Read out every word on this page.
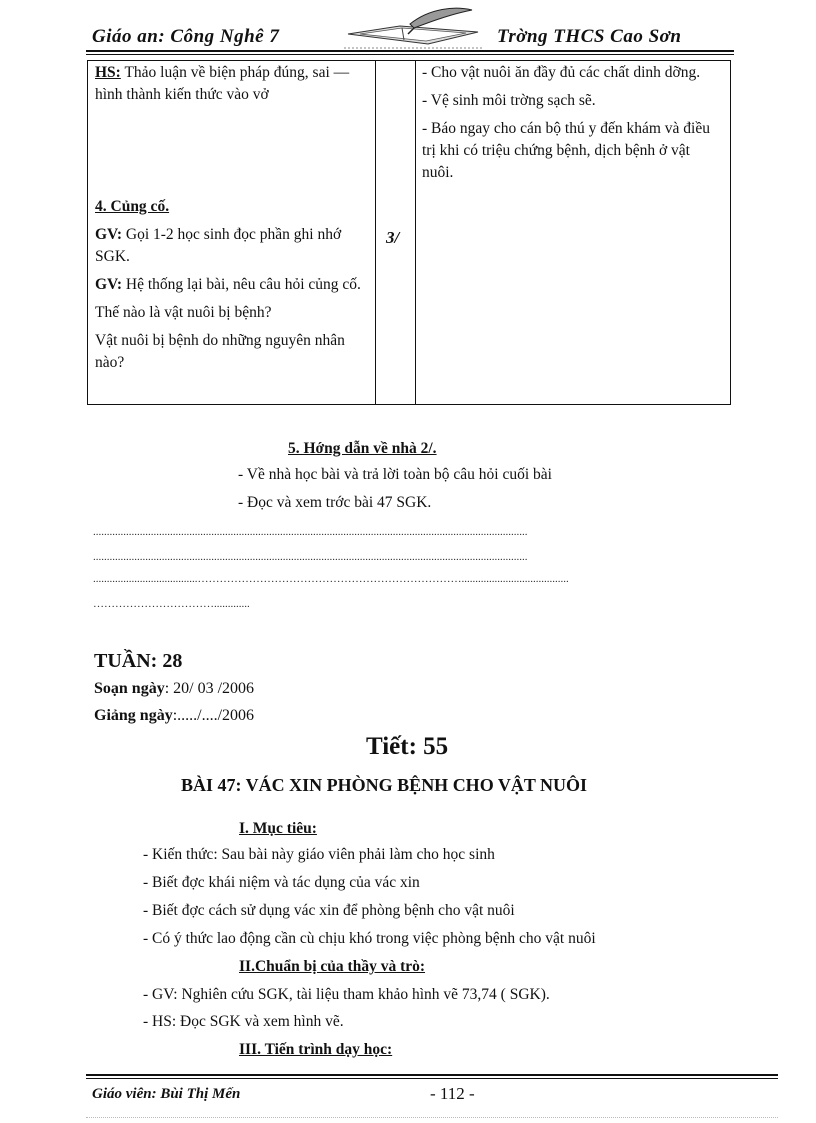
Giáo an: Công Nghê 7	Trờng THCS Cao Sơn

HS: Thảo luận về biện pháp đúng, sai — hình thành kiến thức vào vở

4. Củng cố.

GV: Gọi 1-2 học sinh đọc phần ghi nhớ SGK.

GV: Hệ thống lại bài, nêu câu hỏi củng cố.

Thế nào là vật nuôi bị bệnh?

Vật nuôi bị bệnh do những nguyên nhân nào?

3/

- Cho vật nuôi ăn đầy đủ các chất dinh dỡng.

- Vệ sinh môi trờng sạch sẽ.

- Báo ngay cho cán bộ thú y đến khám và điều trị khi có triệu chứng bệnh, dịch bệnh ở vật nuôi.

5. Hớng dẫn về nhà 2/.
- Về nhà học bài và trả lời toàn bộ câu hỏi cuối bài
- Đọc và xem trớc bài 47 SGK.
..............................................................................................................................................................
..............................................................................................................................................................
......................................……………………………………………………………….......................................
…………………………….............
TUẦN: 28
Soạn ngày: 20/ 03 /2006
Giảng ngày:...../..../2006
Tiết: 55
BÀI 47: VÁC XIN PHÒNG BỆNH CHO VẬT NUÔI
I. Mục tiêu:
- Kiến thức: Sau bài này giáo viên phải làm cho học sinh
- Biết đợc khái niệm và tác dụng của vác xin
- Biết đợc cách sử dụng vác xin để phòng bệnh cho vật nuôi
- Có ý thức lao động cần cù chịu khó trong việc phòng bệnh cho vật nuôi
II.Chuẩn bị của thầy và trò:
- GV: Nghiên cứu SGK, tài liệu tham khảo hình vẽ 73,74 ( SGK).
- HS: Đọc SGK và xem hình vẽ.
III. Tiến trình dạy học:
Giáo viên: Bùi Thị Mến	- 112 -
